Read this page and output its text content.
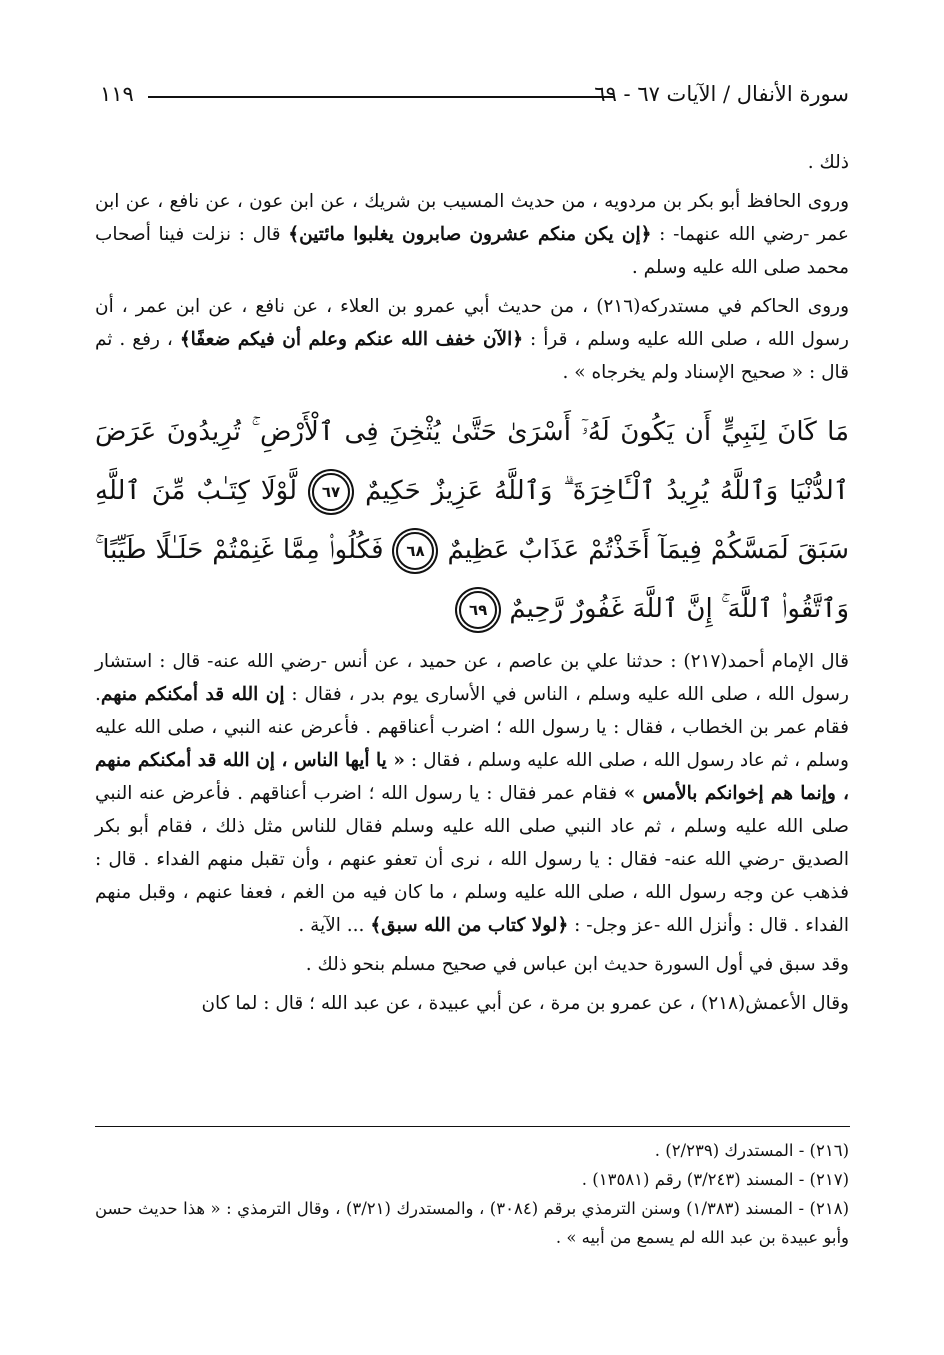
سورة الأنفال / الآيات ٦٧ - ٦٩
١١٩

ذلك .

وروى الحافظ أبو بكر بن مردويه ، من حديث المسيب بن شريك ، عن ابن عون ، عن نافع ، عن ابن عمر -رضي الله عنهما- : ﴿إن يكن منكم عشرون صابرون يغلبوا مائتين﴾ قال : نزلت فينا أصحاب محمد صلى الله عليه وسلم .

وروى الحاكم في مستدركه(٢١٦) ، من حديث أبي عمرو بن العلاء ، عن نافع ، عن ابن عمر ، أن رسول الله ، صلى الله عليه وسلم ، قرأ : ﴿الآن خفف الله عنكم وعلم أن فيكم ضعفًا﴾ ، رفع . ثم قال : « صحيح الإسناد ولم يخرجاه » .

مَا كَانَ لِنَبِيٍّ أَن يَكُونَ لَهُۥٓ أَسْرَىٰ حَتَّىٰ يُثْخِنَ فِى ٱلْأَرْضِ ۚ تُرِيدُونَ عَرَضَ ٱلدُّنْيَا وَٱللَّهُ يُرِيدُ ٱلْـَٔاخِرَةَ ۗ وَٱللَّهُ عَزِيزٌ حَكِيمٌ ٦٧ لَّوْلَا كِتَـٰبٌ مِّنَ ٱللَّهِ سَبَقَ لَمَسَّكُمْ فِيمَآ أَخَذْتُمْ عَذَابٌ عَظِيمٌ ٦٨ فَكُلُوا۟ مِمَّا غَنِمْتُمْ حَلَـٰلًا طَيِّبًا ۚ وَٱتَّقُوا۟ ٱللَّهَ ۚ إِنَّ ٱللَّهَ غَفُورٌ رَّحِيمٌ ٦٩

قال الإمام أحمد(٢١٧) : حدثنا علي بن عاصم ، عن حميد ، عن أنس -رضي الله عنه- قال : استشار رسول الله ، صلى الله عليه وسلم ، الناس في الأسارى يوم بدر ، فقال : إن الله قد أمكنكم منهم. فقام عمر بن الخطاب ، فقال : يا رسول الله ؛ اضرب أعناقهم . فأعرض عنه النبي ، صلى الله عليه وسلم ، ثم عاد رسول الله ، صلى الله عليه وسلم ، فقال : « يا أيها الناس ، إن الله قد أمكنكم منهم ، وإنما هم إخوانكم بالأمس » فقام عمر فقال : يا رسول الله ؛ اضرب أعناقهم . فأعرض عنه النبي صلى الله عليه وسلم ، ثم عاد النبي صلى الله عليه وسلم فقال للناس مثل ذلك ، فقام أبو بكر الصديق -رضي الله عنه- فقال : يا رسول الله ، نرى أن تعفو عنهم ، وأن تقبل منهم الفداء . قال : فذهب عن وجه رسول الله ، صلى الله عليه وسلم ، ما كان فيه من الغم ، فعفا عنهم ، وقبل منهم الفداء . قال : وأنزل الله -عز وجل- : ﴿لولا كتاب من الله سبق﴾ ... الآية .

وقد سبق في أول السورة حديث ابن عباس في صحيح مسلم بنحو ذلك .

وقال الأعمش(٢١٨) ، عن عمرو بن مرة ، عن أبي عبيدة ، عن عبد الله ؛ قال : لما كان

(٢١٦) - المستدرك (٢/٢٣٩) .

(٢١٧) - المسند (٣/٢٤٣) رقم (١٣٥٨١) .

(٢١٨) - المسند (١/٣٨٣) وسنن الترمذي برقم (٣٠٨٤) ، والمستدرك (٣/٢١) ، وقال الترمذي : « هذا حديث حسن وأبو عبيدة بن عبد الله لم يسمع من أبيه » .
